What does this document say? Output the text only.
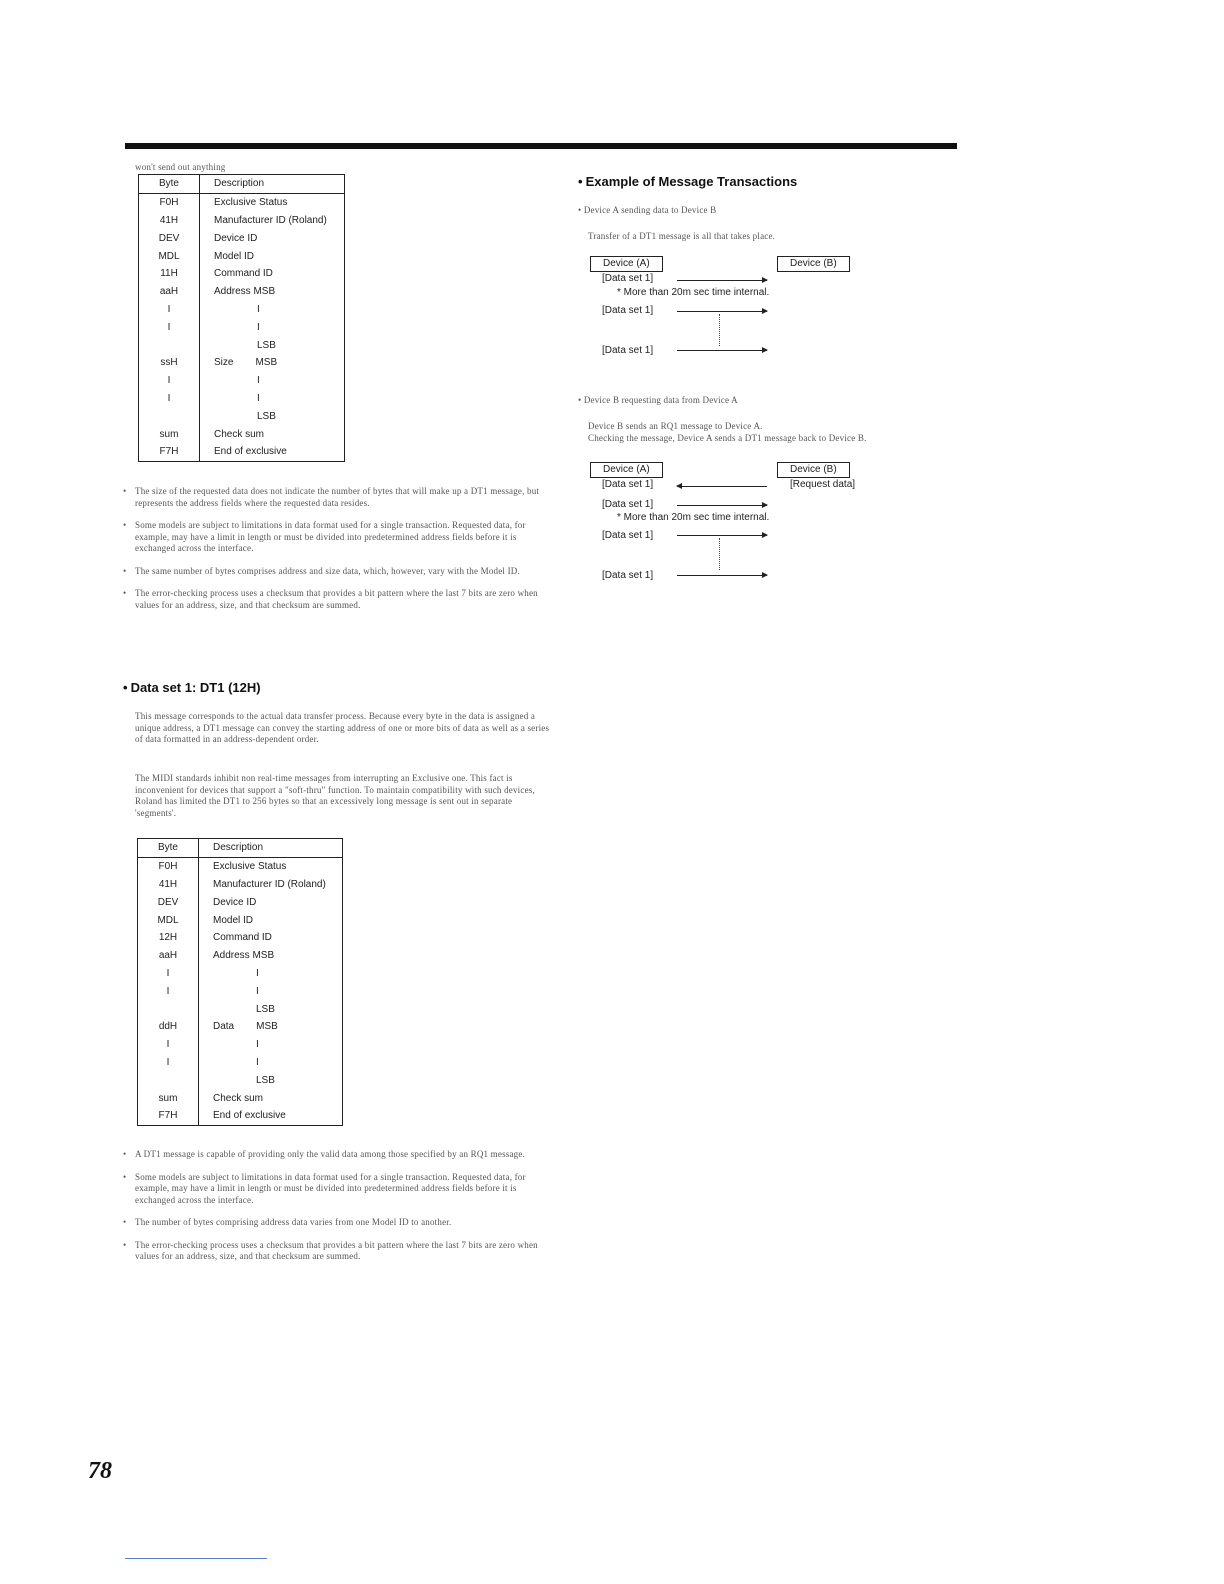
won't send out anything
Byte	Description
F0H	Exclusive Status
41H	Manufacturer ID (Roland)
DEV	Device ID
MDL	Model ID
11H	Command ID
aaH	Address MSB
I	I
I	I
	LSB
ssH	Size MSB
I	I
I	I
	LSB
sum	Check sum
F7H	End of exclusive
• The size of the requested data does not indicate the number of bytes that will make up a DT1 message, but represents the address fields where the requested data resides.
• Some models are subject to limitations in data format used for a single transaction. Requested data, for example, may have a limit in length or must be divided into predetermined address fields before it is exchanged across the interface.
• The same number of bytes comprises address and size data, which, however, vary with the Model ID.
• The error-checking process uses a checksum that provides a bit pattern where the last 7 bits are zero when values for an address, size, and that checksum are summed.
• Data set 1: DT1 (12H)
This message corresponds to the actual data transfer process. Because every byte in the data is assigned a unique address, a DT1 message can convey the starting address of one or more bits of data as well as a series of data formatted in an address-dependent order.
The MIDI standards inhibit non real-time messages from interrupting an Exclusive one. This fact is inconvenient for devices that support a "soft-thru" function. To maintain compatibility with such devices, Roland has limited the DT1 to 256 bytes so that an excessively long message is sent out in separate 'segments'.
Byte	Description
F0H	Exclusive Status
41H	Manufacturer ID (Roland)
DEV	Device ID
MDL	Model ID
12H	Command ID
aaH	Address MSB
I	I
I	I
	LSB
ddH	Data MSB
I	I
I	I
	LSB
sum	Check sum
F7H	End of exclusive
• A DT1 message is capable of providing only the valid data among those specified by an RQ1 message.
• Some models are subject to limitations in data format used for a single transaction. Requested data, for example, may have a limit in length or must be divided into predetermined address fields before it is exchanged across the interface.
• The number of bytes comprising address data varies from one Model ID to another.
• The error-checking process uses a checksum that provides a bit pattern where the last 7 bits are zero when values for an address, size, and that checksum are summed.
• Example of Message Transactions
• Device A sending data to Device B
Transfer of a DT1 message is all that takes place.
Device (A)	Device (B)
[Data set 1]
* More than 20m sec time internal.
[Data set 1]
[Data set 1]
• Device B requesting data from Device A
Device B sends an RQ1 message to Device A.
Checking the message, Device A sends a DT1 message back to Device B.
Device (A)	Device (B)
[Data set 1]	[Request data]
[Data set 1]
* More than 20m sec time internal.
[Data set 1]
[Data set 1]
78
